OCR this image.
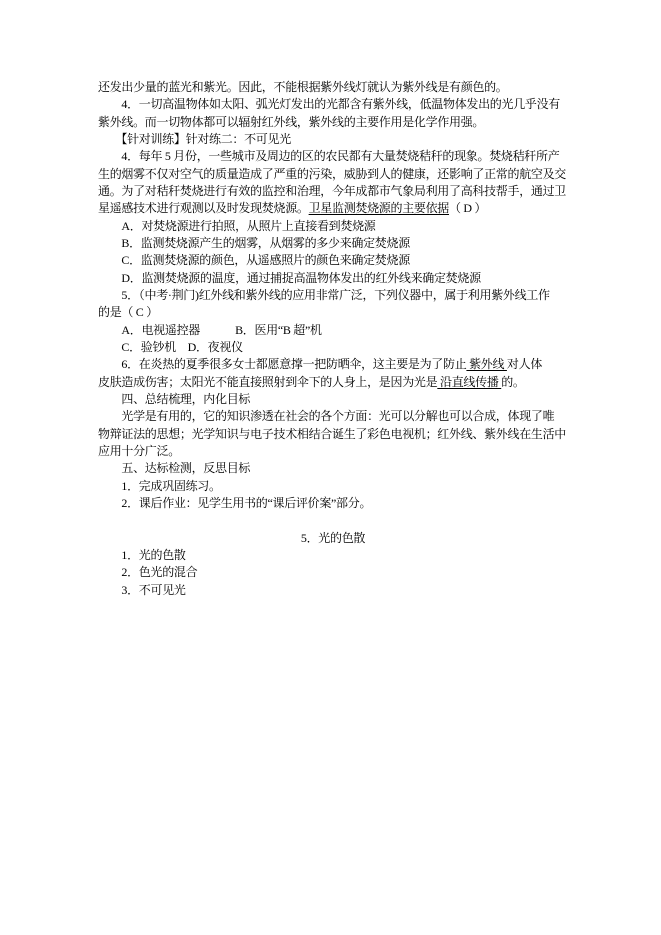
还发出少量的蓝光和紫光。因此，不能根据紫外线灯就认为紫外线是有颜色的。
　　4．一切高温物体如太阳、弧光灯发出的光都含有紫外线，低温物体发出的光几乎没有
紫外线。而一切物体都可以辐射红外线，紫外线的主要作用是化学作用强。
　　【针对训练】针对练二：不可见光
　　4．每年 5 月份，一些城市及周边的区的农民都有大量焚烧秸秆的现象。焚烧秸秆所产
生的烟雾不仅对空气的质量造成了严重的污染，威胁到人的健康，还影响了正常的航空及交
通。为了对秸秆焚烧进行有效的监控和治理，今年成都市气象局利用了高科技帮手，通过卫
星遥感技术进行观测以及时发现焚烧源。卫星监测焚烧源的主要依据（ D ）
　　A．对焚烧源进行拍照，从照片上直接看到焚烧源
　　B．监测焚烧源产生的烟雾，从烟雾的多少来确定焚烧源
　　C．监测焚烧源的颜色，从遥感照片的颜色来确定焚烧源
　　D．监测焚烧源的温度，通过捕捉高温物体发出的红外线来确定焚烧源
　　5．（中考·荆门)红外线和紫外线的应用非常广泛，下列仪器中，属于利用紫外线工作
的是（ C ）
　　A．电视遥控器　　　B．医用“B 超”机
　　C．验钞机　D．夜视仪
　　6．在炎热的夏季很多女士都愿意撑一把防晒伞，这主要是为了防止 紫外线 对人体
皮肤造成伤害；太阳光不能直接照射到伞下的人身上，是因为光是 沿直线传播 的。
　　四、总结梳理，内化目标
　　光学是有用的，它的知识渗透在社会的各个方面：光可以分解也可以合成，体现了唯
物辩证法的思想；光学知识与电子技术相结合诞生了彩色电视机；红外线、紫外线在生活中
应用十分广泛。
　　五、达标检测，反思目标
　　1．完成巩固练习。
　　2．课后作业：见学生用书的“课后评价案”部分。
5．光的色散
　　1．光的色散
　　2．色光的混合
　　3．不可见光
